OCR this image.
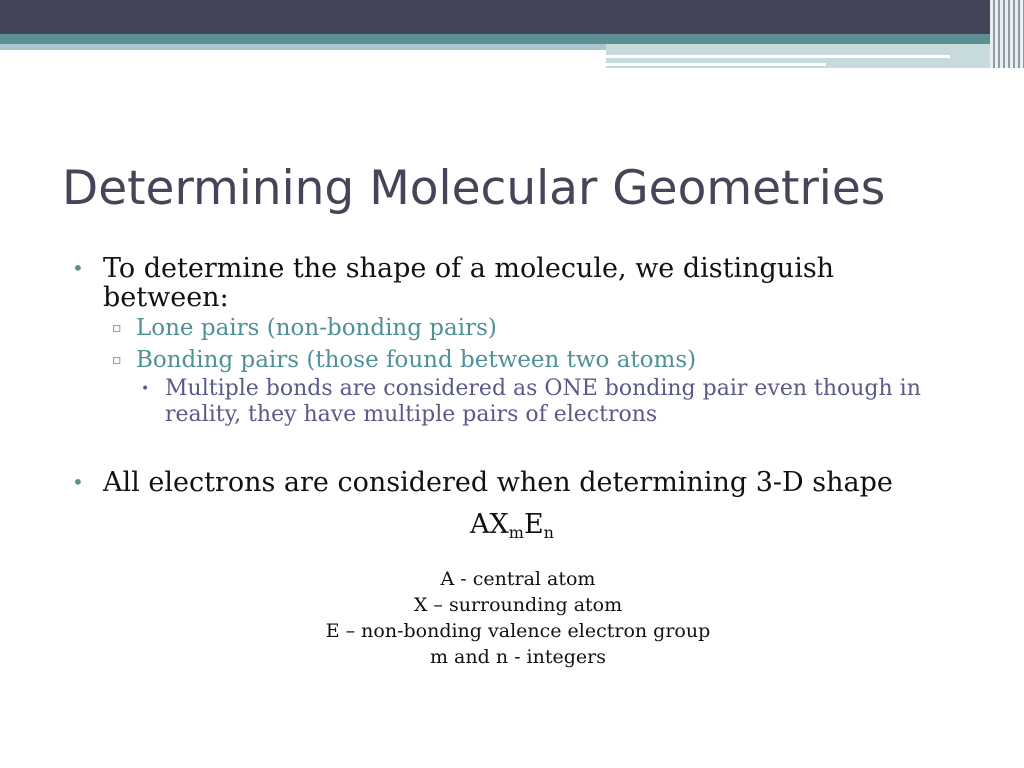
Determining Molecular Geometries
• To determine the shape of a molecule, we distinguish between:
▫ Lone pairs (non-bonding pairs)
▫ Bonding pairs (those found between two atoms)
• Multiple bonds are considered as ONE bonding pair even though in reality, they have multiple pairs of electrons
• All electrons are considered when determining 3-D shape
$AX_mE_n$
A - central atom
X – surrounding atom
E – non-bonding valence electron group
m and n - integers
